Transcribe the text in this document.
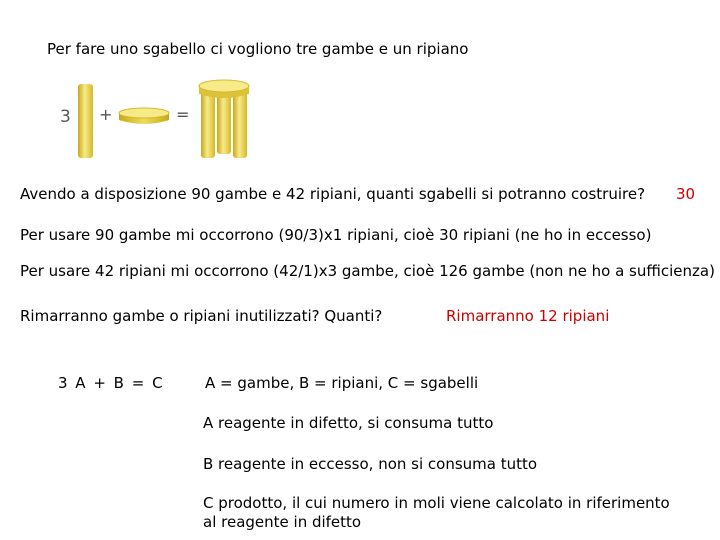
Per fare uno sgabello ci vogliono tre gambe e un ripiano
3 +	=
Avendo a disposizione 90 gambe e 42 ripiani, quanti sgabelli si potranno costruire? 30
Per usare 90 gambe mi occorrono (90/3)x1 ripiani, cioè 30 ripiani (ne ho in eccesso)
Per usare 42 ripiani mi occorrono (42/1)x3 gambe, cioè 126 gambe (non ne ho a sufficienza)
Rimarranno gambe o ripiani inutilizzati? Quanti?	Rimarranno 12 ripiani
3 A + B = C	A = gambe, B = ripiani, C = sgabelli
A reagente in difetto, si consuma tutto
B reagente in eccesso, non si consuma tutto
C prodotto, il cui numero in moli viene calcolato in riferimento
al reagente in difetto
